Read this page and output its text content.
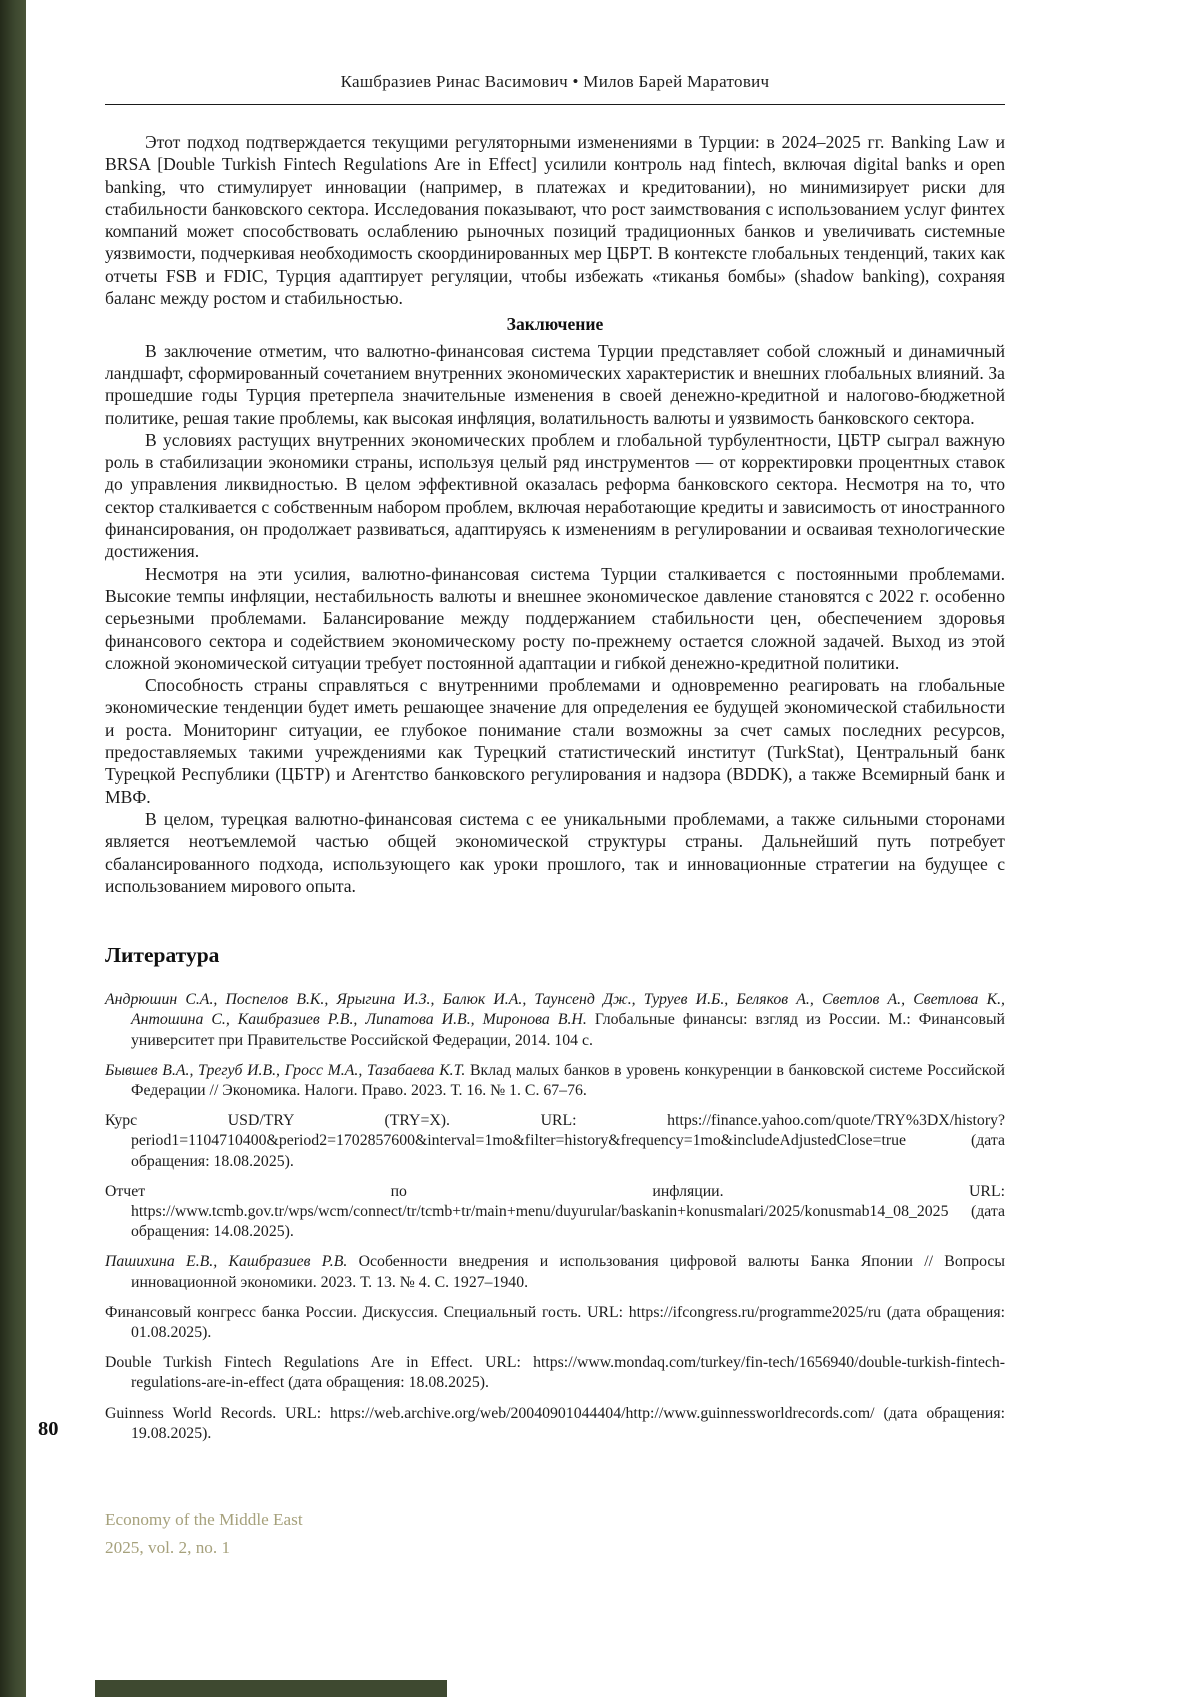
Кашбразиев Ринас Васимович • Милов Барей Маратович

Этот подход подтверждается текущими регуляторными изменениями в Турции: в 2024–2025 гг. Banking Law и BRSA [Double Turkish Fintech Regulations Are in Effect] усилили контроль над fintech, включая digital banks и open banking, что стимулирует инновации (например, в платежах и кредитовании), но минимизирует риски для стабильности банковского сектора. Исследования показывают, что рост заимствования с использованием услуг финтех компаний может способствовать ослаблению рыночных позиций традиционных банков и увеличивать системные уязвимости, подчеркивая необходимость скоординированных мер ЦБРТ. В контексте глобальных тенденций, таких как отчеты FSB и FDIC, Турция адаптирует регуляции, чтобы избежать «тиканья бомбы» (shadow banking), сохраняя баланс между ростом и стабильностью.

Заключение

В заключение отметим, что валютно-финансовая система Турции представляет собой сложный и динамичный ландшафт, сформированный сочетанием внутренних экономических характеристик и внешних глобальных влияний. За прошедшие годы Турция претерпела значительные изменения в своей денежно-кредитной и налогово-бюджетной политике, решая такие проблемы, как высокая инфляция, волатильность валюты и уязвимость банковского сектора.

В условиях растущих внутренних экономических проблем и глобальной турбулентности, ЦБТР сыграл важную роль в стабилизации экономики страны, используя целый ряд инструментов — от корректировки процентных ставок до управления ликвидностью. В целом эффективной оказалась реформа банковского сектора. Несмотря на то, что сектор сталкивается с собственным набором проблем, включая неработающие кредиты и зависимость от иностранного финансирования, он продолжает развиваться, адаптируясь к изменениям в регулировании и осваивая технологические достижения.

Несмотря на эти усилия, валютно-финансовая система Турции сталкивается с постоянными проблемами. Высокие темпы инфляции, нестабильность валюты и внешнее экономическое давление становятся с 2022 г. особенно серьезными проблемами. Балансирование между поддержанием стабильности цен, обеспечением здоровья финансового сектора и содействием экономическому росту по-прежнему остается сложной задачей. Выход из этой сложной экономической ситуации требует постоянной адаптации и гибкой денежно-кредитной политики.

Способность страны справляться с внутренними проблемами и одновременно реагировать на глобальные экономические тенденции будет иметь решающее значение для определения ее будущей экономической стабильности и роста. Мониторинг ситуации, ее глубокое понимание стали возможны за счет самых последних ресурсов, предоставляемых такими учреждениями как Турецкий статистический институт (TurkStat), Центральный банк Турецкой Республики (ЦБТР) и Агентство банковского регулирования и надзора (BDDK), а также Всемирный банк и МВФ.

В целом, турецкая валютно-финансовая система с ее уникальными проблемами, а также сильными сторонами является неотъемлемой частью общей экономической структуры страны. Дальнейший путь потребует сбалансированного подхода, использующего как уроки прошлого, так и инновационные стратегии на будущее с использованием мирового опыта.

Литература
Андрюшин С.А., Поспелов В.К., Ярыгина И.З., Балюк И.А., Таунсенд Дж., Туруев И.Б., Беляков А., Светлов А., Светлова К., Антошина С., Кашбразиев Р.В., Липатова И.В., Миронова В.Н. Глобальные финансы: взгляд из России. М.: Финансовый университет при Правительстве Российской Федерации, 2014. 104 с.
Бывшев В.А., Трегуб И.В., Гросс М.А., Тазабаева К.Т. Вклад малых банков в уровень конкуренции в банковской системе Российской Федерации // Экономика. Налоги. Право. 2023. Т. 16. № 1. С. 67–76.
Курс USD/TRY (TRY=X). URL: https://finance.yahoo.com/quote/TRY%3DX/history?period1=1104710400&period2=1702857600&interval=1mo&filter=history&frequency=1mo&includeAdjustedClose=true (дата обращения: 18.08.2025).
Отчет по инфляции. URL: https://www.tcmb.gov.tr/wps/wcm/connect/tr/tcmb+tr/main+menu/duyurular/baskanin+konusmalari/2025/konusmab14_08_2025 (дата обращения: 14.08.2025).
Пашихина Е.В., Кашбразиев Р.В. Особенности внедрения и использования цифровой валюты Банка Японии // Вопросы инновационной экономики. 2023. Т. 13. № 4. С. 1927–1940.
Финансовый конгресс банка России. Дискуссия. Специальный гость. URL: https://ifcongress.ru/programme2025/ru (дата обращения: 01.08.2025).
Double Turkish Fintech Regulations Are in Effect. URL: https://www.mondaq.com/turkey/fin-tech/1656940/double-turkish-fintech-regulations-are-in-effect (дата обращения: 18.08.2025).
Guinness World Records. URL: https://web.archive.org/web/20040901044404/http://www.guinnessworldrecords.com/ (дата обращения: 19.08.2025).
80
Economy of the Middle East
2025, vol. 2, no. 1
